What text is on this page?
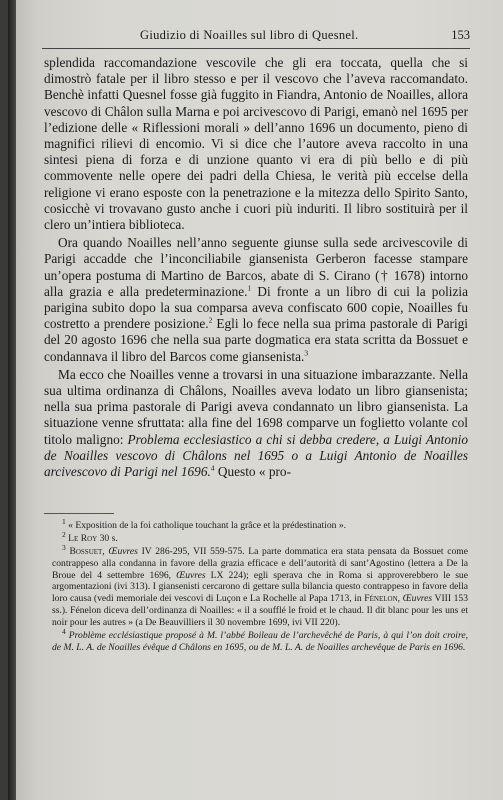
Giudizio di Noailles sul libro di Quesnel.	153

splendida raccomandazione vescovile che gli era toccata, quella che si dimostrò fatale per il libro stesso e per il vescovo che l’aveva raccomandato. Benchè infatti Quesnel fosse già fuggito in Fiandra, Antonio de Noailles, allora vescovo di Châlon sulla Marna e poi arcivescovo di Parigi, emanò nel 1695 per l’edizione delle « Riflessioni morali » dell’anno 1696 un documento, pieno di magnifici rilievi di encomio. Vi si dice che l’autore aveva raccolto in una sintesi piena di forza e di unzione quanto vi era di più bello e di più commovente nelle opere dei padri della Chiesa, le verità più eccelse della religione vi erano esposte con la penetrazione e la mitezza dello Spirito Santo, cosicchè vi trovavano gusto anche i cuori più induriti. Il libro sostituirà per il clero un’intiera biblioteca.

Ora quando Noailles nell’anno seguente giunse sulla sede arcivescovile di Parigi accadde che l’inconciliabile giansenista Gerberon facesse stampare un’opera postuma di Martino de Barcos, abate di S. Cirano († 1678) intorno alla grazia e alla predeterminazione.$^1$ Di fronte a un libro di cui la polizia parigina subito dopo la sua comparsa aveva confiscato 600 copie, Noailles fu costretto a prendere posizione.$^2$ Egli lo fece nella sua prima pastorale di Parigi del 20 agosto 1696 che nella sua parte dogmatica era stata scritta da Bossuet e condannava il libro del Barcos come giansenista.$^3$

Ma ecco che Noailles venne a trovarsi in una situazione imbarazzante. Nella sua ultima ordinanza di Châlons, Noailles aveva lodato un libro giansenista; nella sua prima pastorale di Parigi aveva condannato un libro giansenista. La situazione venne sfruttata: alla fine del 1698 comparve un foglietto volante col titolo maligno: Problema ecclesiastico a chi si debba credere, a Luigi Antonio de Noailles vescovo di Châlons nel 1695 o a Luigi Antonio de Noailles arcivescovo di Parigi nel 1696.$^4$ Questo « pro-

$^1$ « Exposition de la foi catholique touchant la grâce et la prédestination ».

$^2$ Le Roy 30 s.

$^3$ Bossuet, Œuvres IV 286-295, VII 559-575. La parte dommatica era stata pensata da Bossuet come contrappeso alla condanna in favore della grazia efficace e dell’autorità di sant’Agostino (lettera a De la Broue del 4 settembre 1696, Œuvres LX 224); egli sperava che in Roma si approverebbero le sue argomentazioni (ivi 313). I giansenisti cercarono di gettare sulla bilancia questo contrappeso in favore della loro causa (vedi memoriale dei vescovi di Luçon e La Rochelle al Papa 1713, in Fénelon, Œuvres VIII 153 ss.). Fénelon diceva dell’ordinanza di Noailles: « il a soufflé le froid et le chaud. Il dit blanc pour les uns et noir pour les autres » (a De Beauvilliers il 30 novembre 1699, ivi VII 220).

$^4$ Problème ecclésiastique proposé à M. l’abbé Boileau de l’archevêché de Paris, à qui l’on doit croire, de M. L. A. de Noailles évêque d Châlons en 1695, ou de M. L. A. de Noailles archevêque de Paris en 1696.
